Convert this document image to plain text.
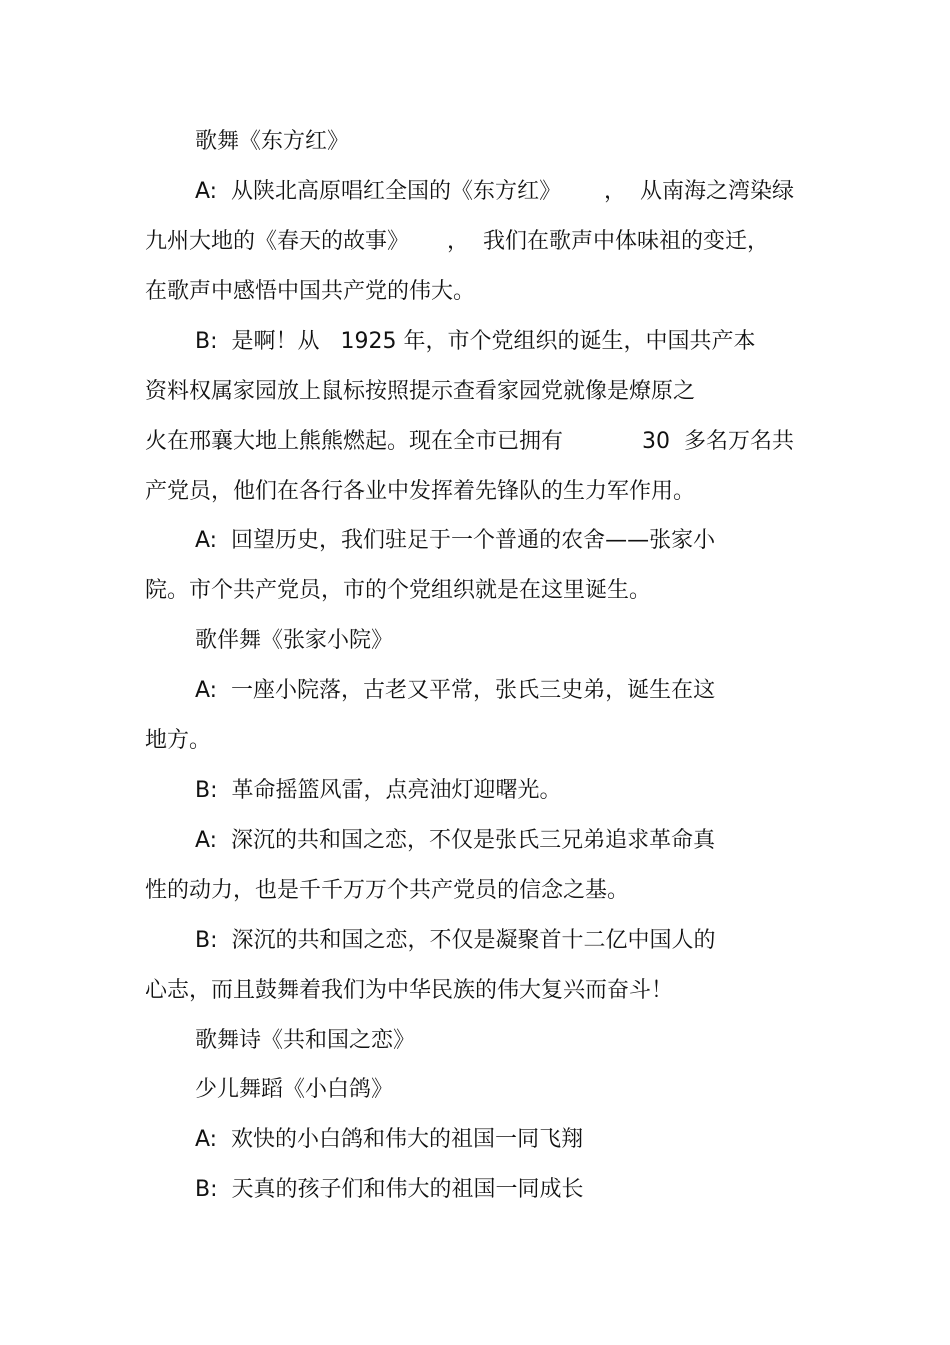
歌舞《东方红》
A:  从陕北高原唱红全国的《东方红》 ，  从南海之湾染绿
九州大地的《春天的故事》 ，  我们在歌声中体味祖的变迁，
在歌声中感悟中国共产党的伟大。
B:  是啊！从   1925 年，市个党组织的诞生，中国共产本
资料权属家园放上鼠标按照提示查看家园党就像是燎原之
火在邢襄大地上熊熊燃起。现在全市已拥有	30  多名万名共
产党员，他们在各行各业中发挥着先锋队的生力军作用。
A:  回望历史，我们驻足于一个普通的农舍——张家小
院。市个共产党员，市的个党组织就是在这里诞生。
歌伴舞《张家小院》
A:  一座小院落，古老又平常，张氏三史弟，诞生在这
地方。
B:  革命摇篮风雷，点亮油灯迎曙光。
A:  深沉的共和国之恋，不仅是张氏三兄弟追求革命真
性的动力，也是千千万万个共产党员的信念之基。
B:  深沉的共和国之恋，不仅是凝聚首十二亿中国人的
心志，而且鼓舞着我们为中华民族的伟大复兴而奋斗！
歌舞诗《共和国之恋》
少儿舞蹈《小白鸽》
A:  欢快的小白鸽和伟大的祖国一同飞翔
B:  天真的孩子们和伟大的祖国一同成长
